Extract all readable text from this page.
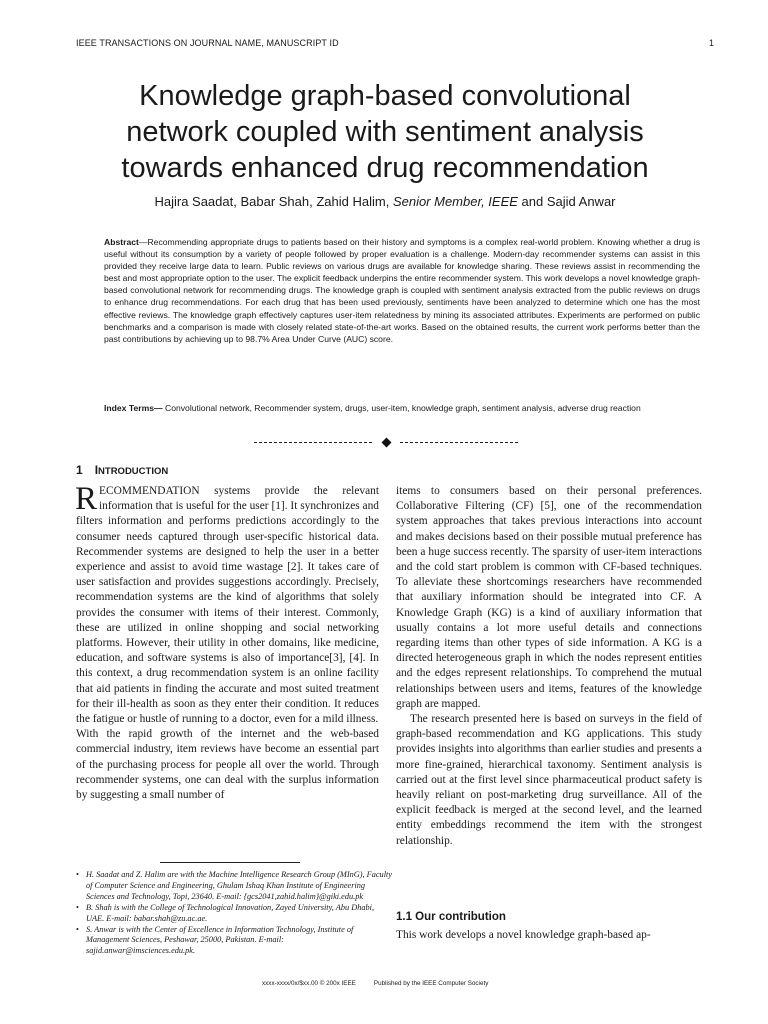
IEEE TRANSACTIONS ON JOURNAL NAME, MANUSCRIPT ID	1
Knowledge graph-based convolutional
network coupled with sentiment analysis
towards enhanced drug recommendation
Hajira Saadat, Babar Shah, Zahid Halim, Senior Member, IEEE and Sajid Anwar
Abstract—Recommending appropriate drugs to patients based on their history and symptoms is a complex real-world problem. Knowing whether a drug is useful without its consumption by a variety of people followed by proper evaluation is a challenge. Modern-day recommender systems can assist in this provided they receive large data to learn. Public reviews on various drugs are available for knowledge sharing. These reviews assist in recommending the best and most appropriate option to the user. The explicit feedback underpins the entire recommender system. This work develops a novel knowledge graph-based convolutional network for recommending drugs. The knowledge graph is coupled with sentiment analysis extracted from the public reviews on drugs to enhance drug recommendations. For each drug that has been used previously, sentiments have been analyzed to determine which one has the most effective reviews. The knowledge graph effectively captures user-item relatedness by mining its associated attributes. Experiments are performed on public benchmarks and a comparison is made with closely related state-of-the-art works. Based on the obtained results, the current work performs better than the past contributions by achieving up to 98.7% Area Under Curve (AUC) score.
Index Terms— Convolutional network, Recommender system, drugs, user-item, knowledge graph, sentiment analysis, adverse drug reaction
1 INTRODUCTION

RECOMMENDATION systems provide the relevant information that is useful for the user [1]. It synchronizes and filters information and performs predictions accordingly to the consumer needs captured through user-specific historical data. Recommender systems are designed to help the user in a better experience and assist to avoid time wastage [2]. It takes care of user satisfaction and provides suggestions accordingly. Precisely, recommendation systems are the kind of algorithms that solely provides the consumer with items of their interest. Commonly, these are utilized in online shopping and social networking platforms. However, their utility in other domains, like medicine, education, and software systems is also of importance[3], [4]. In this context, a drug recommendation system is an online facility that aid patients in finding the accurate and most suited treatment for their ill-health as soon as they enter their condition. It reduces the fatigue or hustle of running to a doctor, even for a mild illness.

With the rapid growth of the internet and the web-based commercial industry, item reviews have become an essential part of the purchasing process for people all over the world. Through recommender systems, one can deal with the surplus information by suggesting a small number of

items to consumers based on their personal preferences. Collaborative Filtering (CF) [5], one of the recommendation system approaches that takes previous interactions into account and makes decisions based on their possible mutual preference has been a huge success recently. The sparsity of user-item interactions and the cold start problem is common with CF-based techniques. To alleviate these shortcomings researchers have recommended that auxiliary information should be integrated into CF. A Knowledge Graph (KG) is a kind of auxiliary information that usually contains a lot more useful details and connections regarding items than other types of side information. A KG is a directed heterogeneous graph in which the nodes represent entities and the edges represent relationships. To comprehend the mutual relationships between users and items, features of the knowledge graph are mapped.

The research presented here is based on surveys in the field of graph-based recommendation and KG applications. This study provides insights into algorithms than earlier studies and presents a more fine-grained, hierarchical taxonomy. Sentiment analysis is carried out at the first level since pharmaceutical product safety is heavily reliant on post-marketing drug surveillance. All of the explicit feedback is merged at the second level, and the learned entity embeddings recommend the item with the strongest relationship.

1.1 Our contribution
This work develops a novel knowledge graph-based ap-
• H. Saadat and Z. Halim are with the Machine Intelligence Research Group (MInG), Faculty of Computer Science and Engineering, Ghulam Ishaq Khan Institute of Engineering Sciences and Technology, Topi, 23640. E-mail: {gcs2041,zahid.halim}@giki.edu.pk
• B. Shah is with the College of Technological Innovation, Zayed University, Abu Dhabi, UAE. E-mail: babar.shah@zu.ac.ae.
• S. Anwar is with the Center of Excellence in Information Technology, Institute of Management Sciences, Peshawar, 25000, Pakistan. E-mail: sajid.anwar@imsciences.edu.pk.
xxxx-xxxx/0x/$xx.00 © 200x IEEE	Published by the IEEE Computer Society
